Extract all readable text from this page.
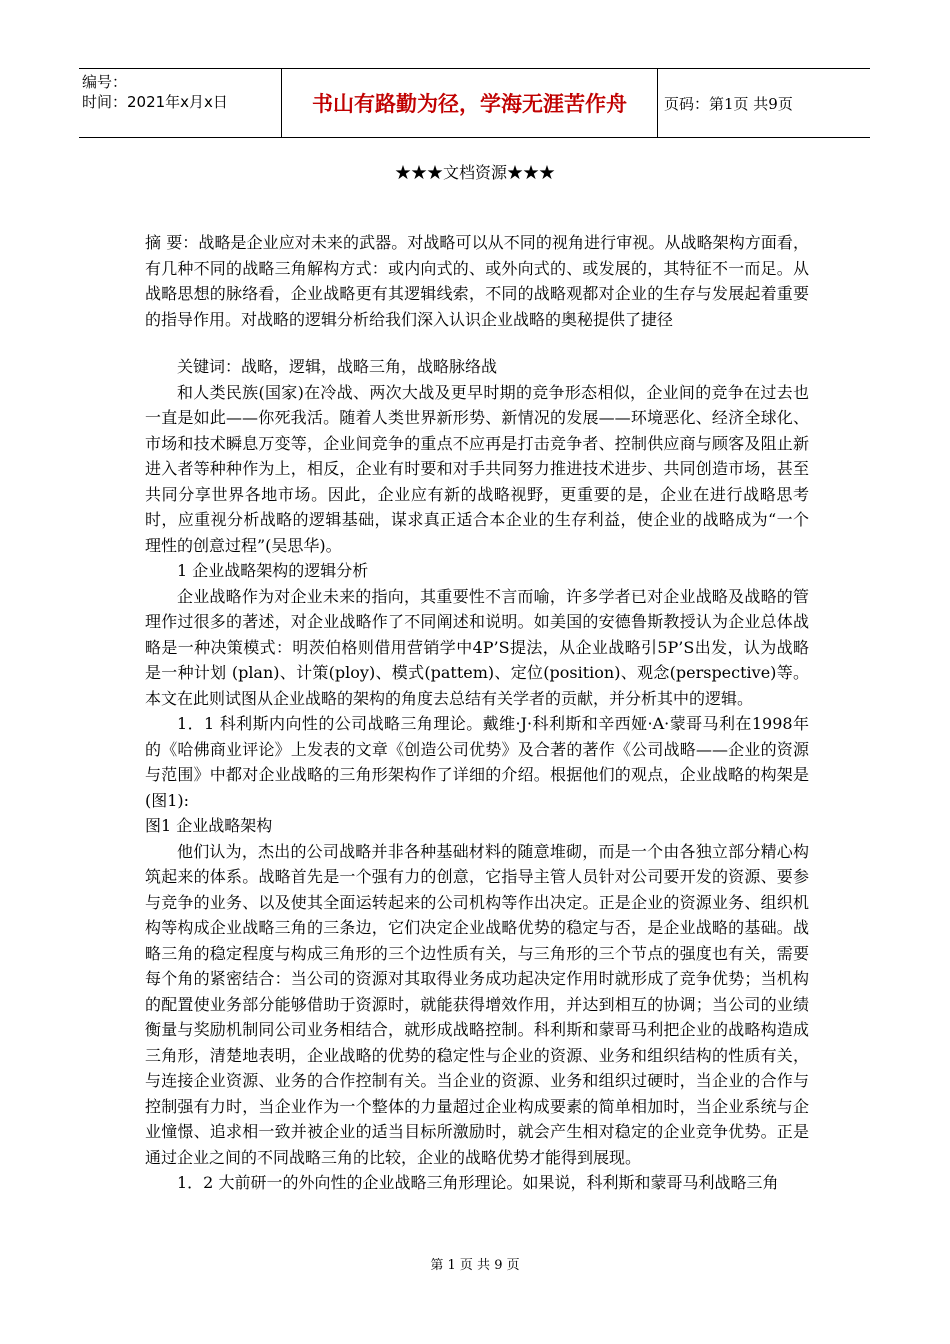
编号：
时间：2021年x月x日	书山有路勤为径，学海无涯苦作舟	页码：第1页 共9页
★★★文档资源★★★

摘 要：战略是企业应对未来的武器。对战略可以从不同的视角进行审视。从战略架构方面看，有几种不同的战略三角解构方式：或内向式的、或外向式的、或发展的，其特征不一而足。从战略思想的脉络看，企业战略更有其逻辑线索，不同的战略观都对企业的生存与发展起着重要的指导作用。对战略的逻辑分析给我们深入认识企业战略的奥秘提供了捷径

关键词：战略，逻辑，战略三角，战略脉络战

和人类民族(国家)在冷战、两次大战及更早时期的竞争形态相似，企业间的竞争在过去也一直是如此——你死我活。随着人类世界新形势、新情况的发展——环境恶化、经济全球化、市场和技术瞬息万变等，企业间竞争的重点不应再是打击竞争者、控制供应商与顾客及阻止新进入者等种种作为上，相反，企业有时要和对手共同努力推进技术进步、共同创造市场，甚至共同分享世界各地市场。因此，企业应有新的战略视野，更重要的是，企业在进行战略思考时，应重视分析战略的逻辑基础，谋求真正适合本企业的生存利益，使企业的战略成为“一个理性的创意过程”(吴思华)。

1 企业战略架构的逻辑分析

企业战略作为对企业未来的指向，其重要性不言而喻，许多学者已对企业战略及战略的管理作过很多的著述，对企业战略作了不同阐述和说明。如美国的安德鲁斯教授认为企业总体战略是一种决策模式：明茨伯格则借用营销学中4P’S提法，从企业战略引5P’S出发，认为战略是一种计划 (plan)、计策(ploy)、模式(pattem)、定位(position)、观念(perspective)等。本文在此则试图从企业战略的架构的角度去总结有关学者的贡献，并分析其中的逻辑。

1．1 科利斯内向性的公司战略三角理论。戴维·J·科利斯和辛西娅·A·蒙哥马利在1998年的《哈佛商业评论》上发表的文章《创造公司优势》及合著的著作《公司战略——企业的资源与范围》中都对企业战略的三角形架构作了详细的介绍。根据他们的观点，企业战略的构架是(图1):

图1 企业战略架构

他们认为，杰出的公司战略并非各种基础材料的随意堆砌，而是一个由各独立部分精心构筑起来的体系。战略首先是一个强有力的创意，它指导主管人员针对公司要开发的资源、要参与竞争的业务、以及使其全面运转起来的公司机构等作出决定。正是企业的资源业务、组织机构等构成企业战略三角的三条边，它们决定企业战略优势的稳定与否，是企业战略的基础。战略三角的稳定程度与构成三角形的三个边性质有关，与三角形的三个节点的强度也有关，需要每个角的紧密结合：当公司的资源对其取得业务成功起决定作用时就形成了竞争优势；当机构的配置使业务部分能够借助于资源时，就能获得增效作用，并达到相互的协调；当公司的业绩衡量与奖励机制同公司业务相结合，就形成战略控制。科利斯和蒙哥马利把企业的战略构造成三角形，清楚地表明，企业战略的优势的稳定性与企业的资源、业务和组织结构的性质有关，与连接企业资源、业务的合作控制有关。当企业的资源、业务和组织过硬时，当企业的合作与控制强有力时，当企业作为一个整体的力量超过企业构成要素的简单相加时，当企业系统与企业憧憬、追求相一致并被企业的适当目标所激励时，就会产生相对稳定的企业竞争优势。正是通过企业之间的不同战略三角的比较，企业的战略优势才能得到展现。

1．2 大前研一的外向性的企业战略三角形理论。如果说，科利斯和蒙哥马利战略三角

第 1 页 共 9 页
